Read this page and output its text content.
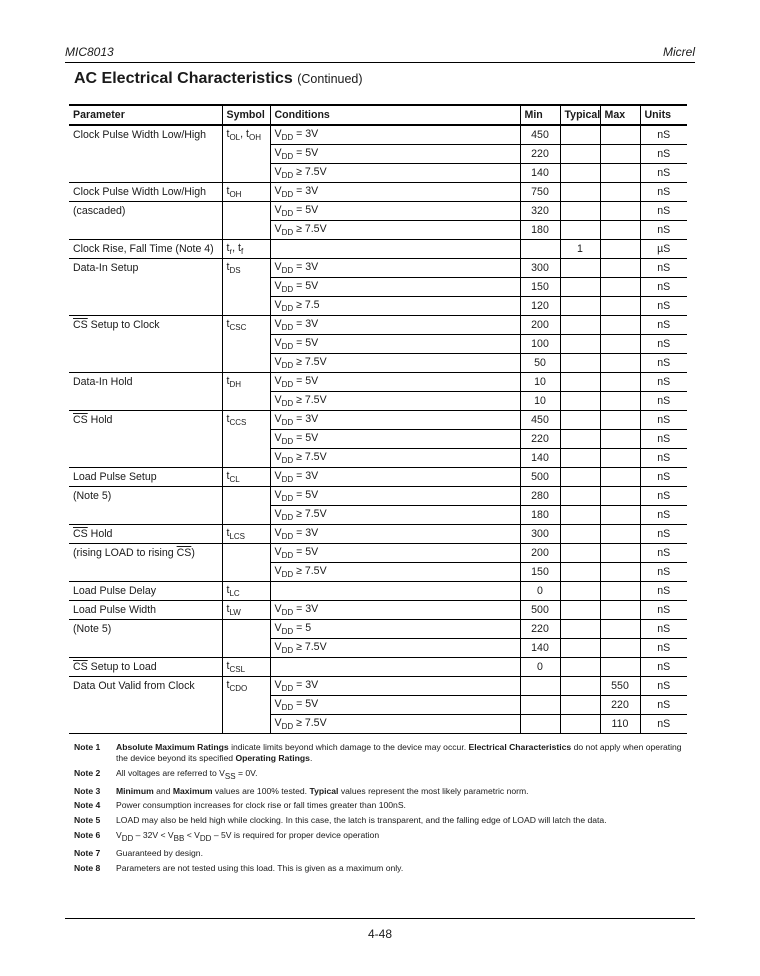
MIC8013	Micrel
AC Electrical Characteristics (Continued)
Parameter	Symbol	Conditions	Min	Typical	Max	Units
Clock Pulse Width Low/High	$t_{OL}$, $t_{OH}$	$V_{DD} = 3V$	450			nS
		$V_{DD} = 5V$	220			nS
		$V_{DD} \ge 7.5V$	140			nS
Clock Pulse Width Low/High	$t_{OH}$	$V_{DD} = 3V$	750			nS
(cascaded)		$V_{DD} = 5V$	320			nS
		$V_{DD} \ge 7.5V$	180			nS
Clock Rise, Fall Time (Note 4)	$t_r$, $t_f$			1		µS
Data-In Setup	$t_{DS}$	$V_{DD} = 3V$	300			nS
		$V_{DD} = 5V$	150			nS
		$V_{DD} \ge 7.5$	120			nS
$\overline{CS}$ Setup to Clock	$t_{CSC}$	$V_{DD} = 3V$	200			nS
		$V_{DD} = 5V$	100			nS
		$V_{DD} \ge 7.5V$	50			nS
Data-In Hold	$t_{DH}$	$V_{DD} = 5V$	10			nS
		$V_{DD} \ge 7.5V$	10			nS
$\overline{CS}$ Hold	$t_{CCS}$	$V_{DD} = 3V$	450			nS
		$V_{DD} = 5V$	220			nS
		$V_{DD} \ge 7.5V$	140			nS
Load Pulse Setup	$t_{CL}$	$V_{DD} = 3V$	500			nS
(Note 5)		$V_{DD} = 5V$	280			nS
		$V_{DD} \ge 7.5V$	180			nS
$\overline{CS}$ Hold	$t_{LCS}$	$V_{DD} = 3V$	300			nS
(rising LOAD to rising $\overline{CS}$)		$V_{DD} = 5V$	200			nS
		$V_{DD} \ge 7.5V$	150			nS
Load Pulse Delay	$t_{LC}$		0			nS
Load Pulse Width	$t_{LW}$	$V_{DD} = 3V$	500			nS
(Note 5)		$V_{DD} = 5$	220			nS
		$V_{DD} \ge 7.5V$	140			nS
$\overline{CS}$ Setup to Load	$t_{CSL}$		0			nS
Data Out Valid from Clock	$t_{CDO}$	$V_{DD} = 3V$			550	nS
		$V_{DD} = 5V$			220	nS
		$V_{DD} \ge 7.5V$			110	nS
Note 1	Absolute Maximum Ratings indicate limits beyond which damage to the device may occur. Electrical Characteristics do not apply when operating the device beyond its specified Operating Ratings.
Note 2	All voltages are referred to $V_{SS} = 0V$.
Note 3	Minimum and Maximum values are 100% tested. Typical values represent the most likely parametric norm.
Note 4	Power consumption increases for clock rise or fall times greater than 100nS.
Note 5	LOAD may also be held high while clocking. In this case, the latch is transparent, and the falling edge of LOAD will latch the data.
Note 6	$V_{DD} - 32V < V_{BB} < V_{DD} - 5V$ is required for proper device operation
Note 7	Guaranteed by design.
Note 8	Parameters are not tested using this load. This is given as a maximum only.
4-48
